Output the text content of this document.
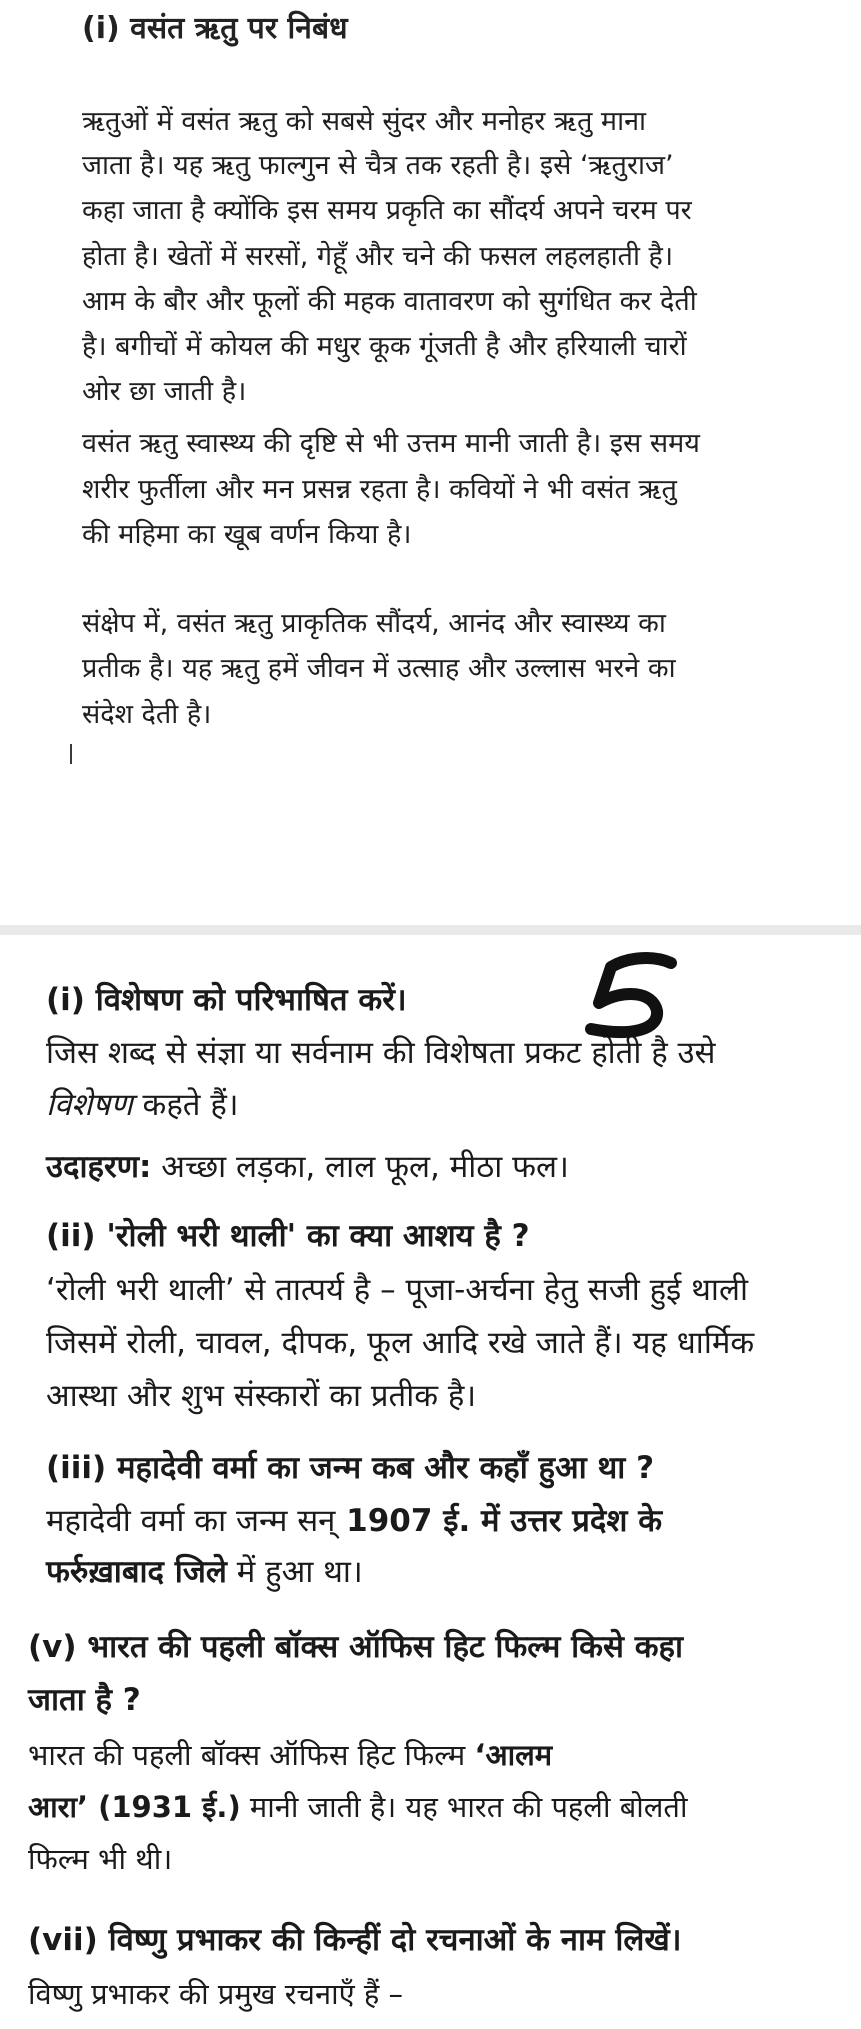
(i) वसंत ऋतु पर निबंध
ऋतुओं में वसंत ऋतु को सबसे सुंदर और मनोहर ऋतु माना
जाता है। यह ऋतु फाल्गुन से चैत्र तक रहती है। इसे ‘ऋतुराज’
कहा जाता है क्योंकि इस समय प्रकृति का सौंदर्य अपने चरम पर
होता है। खेतों में सरसों, गेहूँ और चने की फसल लहलहाती है।
आम के बौर और फूलों की महक वातावरण को सुगंधित कर देती
है। बगीचों में कोयल की मधुर कूक गूंजती है और हरियाली चारों
ओर छा जाती है।
वसंत ऋतु स्वास्थ्य की दृष्टि से भी उत्तम मानी जाती है। इस समय
शरीर फुर्तीला और मन प्रसन्न रहता है। कवियों ने भी वसंत ऋतु
की महिमा का खूब वर्णन किया है।
संक्षेप में, वसंत ऋतु प्राकृतिक सौंदर्य, आनंद और स्वास्थ्य का
प्रतीक है। यह ऋतु हमें जीवन में उत्साह और उल्लास भरने का
संदेश देती है।
(i) विशेषण को परिभाषित करें।
जिस शब्द से संज्ञा या सर्वनाम की विशेषता प्रकट होती है उसे
विशेषण कहते हैं।
उदाहरण: अच्छा लड़का, लाल फूल, मीठा फल।
(ii) 'रोली भरी थाली' का क्या आशय है ?
‘रोली भरी थाली’ से तात्पर्य है – पूजा-अर्चना हेतु सजी हुई थाली
जिसमें रोली, चावल, दीपक, फूल आदि रखे जाते हैं। यह धार्मिक
आस्था और शुभ संस्कारों का प्रतीक है।
(iii) महादेवी वर्मा का जन्म कब और कहाँ हुआ था ?
महादेवी वर्मा का जन्म सन् 1907 ई. में उत्तर प्रदेश के
फर्रुख़ाबाद जिले में हुआ था।
(v) भारत की पहली बॉक्स ऑफिस हिट फिल्म किसे कहा
जाता है ?
भारत की पहली बॉक्स ऑफिस हिट फिल्म ‘आलम
आरा’ (1931 ई.) मानी जाती है। यह भारत की पहली बोलती
फिल्म भी थी।
(vii) विष्णु प्रभाकर की किन्हीं दो रचनाओं के नाम लिखें।
विष्णु प्रभाकर की प्रमुख रचनाएँ हैं –
